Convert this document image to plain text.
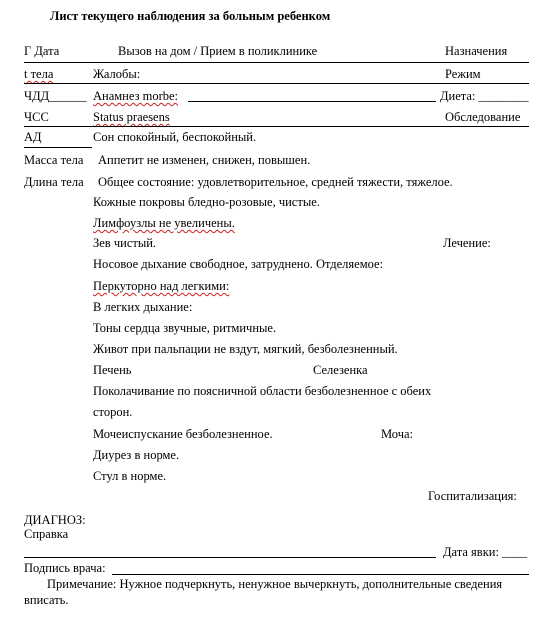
Лист текущего наблюдения за больным ребенком
Г Дата	Вызов на дом / Прием в поликлинике	Назначения
t тела	Жалобы:	Режим
ЧДД______ Анамнез morbe:	Диета: ________
ЧСС	Status praesens	Обследование
АД	Сон спокойный, беспокойный.
Масса тела Аппетит не изменен, снижен, повышен.
Длина тела Общее состояние: удовлетворительное, средней тяжести, тяжелое.
Кожные покровы бледно-розовые, чистые.
Лимфоузлы не увеличены.
Зев чистый.	Лечение:
Носовое дыхание свободное, затруднено. Отделяемое:
Перкуторно над легкими:
В легких дыхание:
Тоны сердца звучные, ритмичные.
Живот при пальпации не вздут, мягкий, безболезненный.
Печень	Селезенка
Поколачивание по поясничной области безболезненное с обеих
сторон.
Мочеиспускание безболезненное.	Моча:
Диурез в норме.
Стул в норме.
Госпитализация:
ДИАГНОЗ:
Справка
Дата явки: ____
Подпись врача:
Примечание: Нужное подчеркнуть, ненужное вычеркнуть, дополнительные сведения
вписать.
